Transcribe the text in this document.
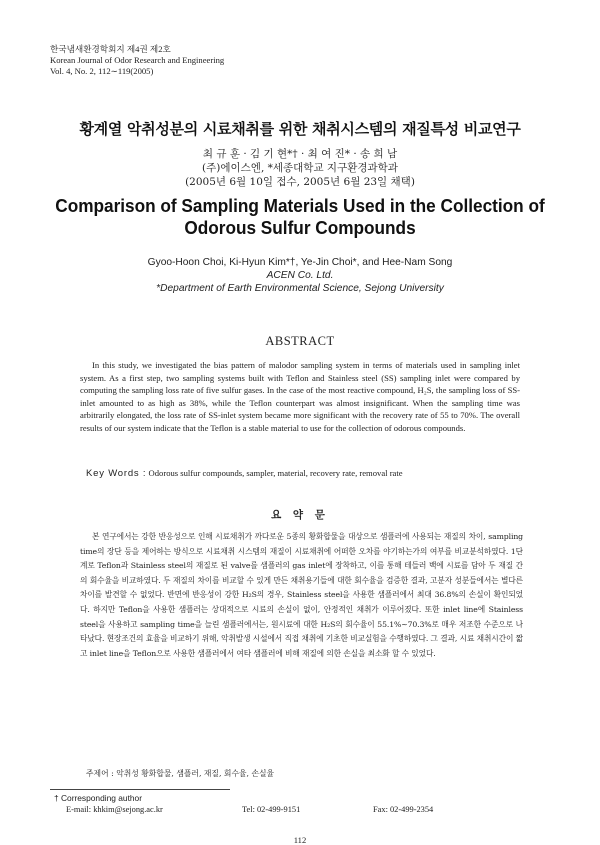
한국냄새환경학회지 제4권 제2호
Korean Journal of Odor Research and Engineering
Vol. 4, No. 2, 112∼119(2005)
황계열 악취성분의 시료채취를 위한 채취시스템의 재질특성 비교연구
최 규 훈 · 김 기 현*† · 최 여 진* · 송 희 남
(주)에이스엔, *세종대학교 지구환경과학과
(2005년 6월 10일 접수, 2005년 6월 23일 채택)
Comparison of Sampling Materials Used in the Collection of
Odorous Sulfur Compounds
Gyoo-Hoon Choi, Ki-Hyun Kim*†, Ye-Jin Choi*, and Hee-Nam Song
ACEN Co. Ltd.
*Department of Earth Environmental Science, Sejong University
ABSTRACT
In this study, we investigated the bias pattern of malodor sampling system in terms of materials used in sampling inlet system. As a first step, two sampling systems built with Teflon and Stainless steel (SS) sampling inlet were compared by computing the sampling loss rate of five sulfur gases. In the case of the most reactive compound, H₂S, the sampling loss of SS-inlet amounted to as high as 38%, while the Teflon counterpart was almost insignificant. When the sampling time was arbitrarily elongated, the loss rate of SS-inlet system became more significant with the recovery rate of 55 to 70%. The overall results of our system indicate that the Teflon is a stable material to use for the collection of odorous compounds.
Key Words : Odorous sulfur compounds, sampler, material, recovery rate, removal rate
요 약 문
본 연구에서는 강한 반응성으로 인해 시료채취가 까다로운 5종의 황화합물을 대상으로 샘플러에 사용되는 재질의 차이, sampling time의 장단 등을 제어하는 방식으로 시료채취 시스템의 재질이 시료채취에 어떠한 오차를 야기하는가의 여부를 비교분석하였다. 1단계로 Teflon과 Stainless steel의 재질로 된 valve를 샘플러의 gas inlet에 장착하고, 이를 통해 테들러 백에 시료를 담아 두 재질 간의 회수율을 비교하였다. 두 재질의 차이를 비교할 수 있게 만든 채취용기들에 대한 회수율을 검증한 결과, 고분자 성분들에서는 별다른 차이를 발견할 수 없었다. 반면에 반응성이 강한 H₂S의 경우, Stainless steel을 사용한 샘플러에서 최대 36.8%의 손실이 확인되었다. 하지만 Teflon을 사용한 샘플러는 상대적으로 시료의 손실이 없이, 안정적인 채취가 이루어졌다. 또한 inlet line에 Stainless steel을 사용하고 sampling time을 늘린 샘플러에서는, 원시료에 대한 H₂S의 회수율이 55.1%∼70.3%로 매우 저조한 수준으로 나타났다. 현장조건의 효율을 비교하기 위해, 악취발생 시설에서 직접 채취에 기초한 비교실험을 수행하였다. 그 결과, 시료 채취시간이 짧고 inlet line을 Teflon으로 사용한 샘플러에서 여타 샘플러에 비해 재질에 의한 손실을 최소화 할 수 있었다.
주제어 : 악취성 황화합물, 샘플러, 재질, 회수율, 손실율
† Corresponding author
E-mail: khkim@sejong.ac.kr	Tel: 02-499-9151	Fax: 02-499-2354
112
